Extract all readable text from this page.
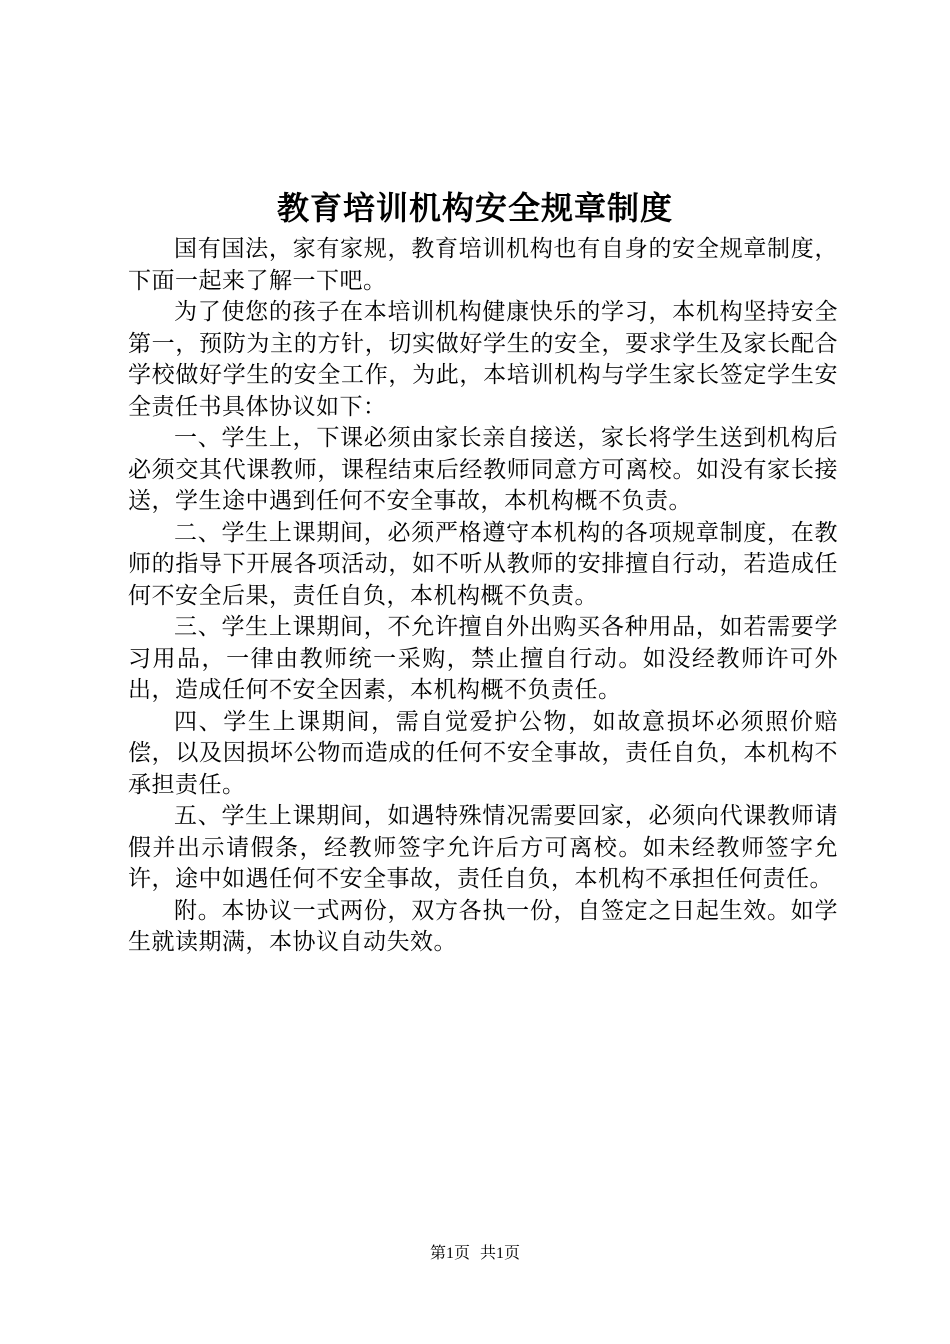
教育培训机构安全规章制度

国有国法，家有家规，教育培训机构也有自身的安全规章制度，下面一起来了解一下吧。

为了使您的孩子在本培训机构健康快乐的学习，本机构坚持安全第一，预防为主的方针，切实做好学生的安全，要求学生及家长配合学校做好学生的安全工作，为此，本培训机构与学生家长签定学生安全责任书具体协议如下：

一、学生上，下课必须由家长亲自接送，家长将学生送到机构后必须交其代课教师，课程结束后经教师同意方可离校。如没有家长接送，学生途中遇到任何不安全事故，本机构概不负责。

二、学生上课期间，必须严格遵守本机构的各项规章制度，在教师的指导下开展各项活动，如不听从教师的安排擅自行动，若造成任何不安全后果，责任自负，本机构概不负责。

三、学生上课期间，不允许擅自外出购买各种用品，如若需要学习用品，一律由教师统一采购，禁止擅自行动。如没经教师许可外出，造成任何不安全因素，本机构概不负责任。

四、学生上课期间，需自觉爱护公物，如故意损坏必须照价赔偿，以及因损坏公物而造成的任何不安全事故，责任自负，本机构不承担责任。

五、学生上课期间，如遇特殊情况需要回家，必须向代课教师请假并出示请假条，经教师签字允许后方可离校。如未经教师签字允许，途中如遇任何不安全事故，责任自负，本机构不承担任何责任。

附。本协议一式两份，双方各执一份，自签定之日起生效。如学生就读期满，本协议自动失效。

第1页 共1页
